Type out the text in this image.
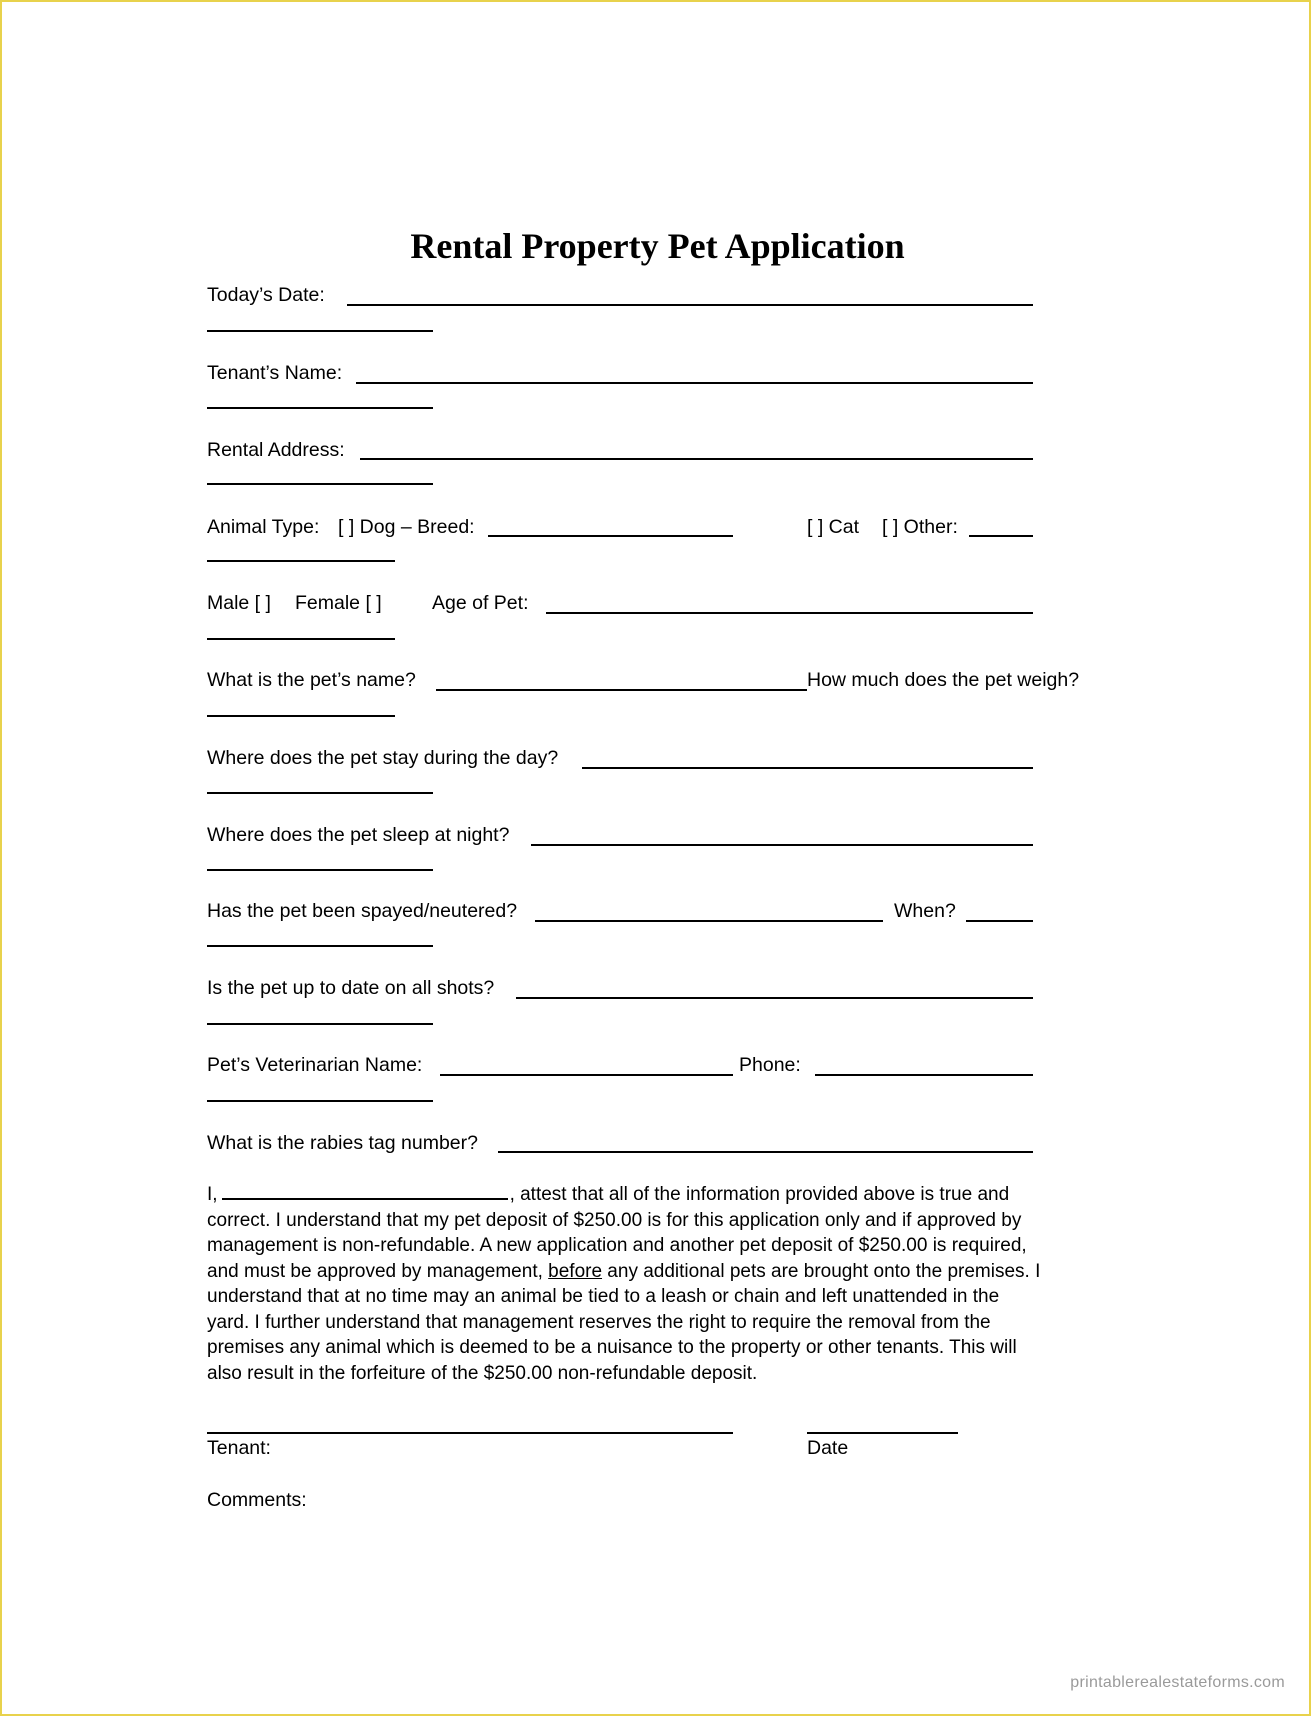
Rental Property Pet Application
Today’s Date:
Tenant’s Name:
Rental Address:
Animal Type: [ ] Dog – Breed:	[ ] Cat [ ] Other:
Male [ ] Female [ ]	Age of Pet:
What is the pet’s name?	How much does the pet weigh?
Where does the pet stay during the day?
Where does the pet sleep at night?
Has the pet been spayed/neutered?	When?
Is the pet up to date on all shots?
Pet’s Veterinarian Name:	Phone:
What is the rabies tag number?
I,	, attest that all of the information provided above is true and
correct. I understand that my pet deposit of $250.00 is for this application only and if approved by
management is non-refundable. A new application and another pet deposit of $250.00 is required,
and must be approved by management, before any additional pets are brought onto the premises. I
understand that at no time may an animal be tied to a leash or chain and left unattended in the
yard. I further understand that management reserves the right to require the removal from the
premises any animal which is deemed to be a nuisance to the property or other tenants. This will
also result in the forfeiture of the $250.00 non-refundable deposit.
Tenant:	Date
Comments:
printablerealestateforms.com
